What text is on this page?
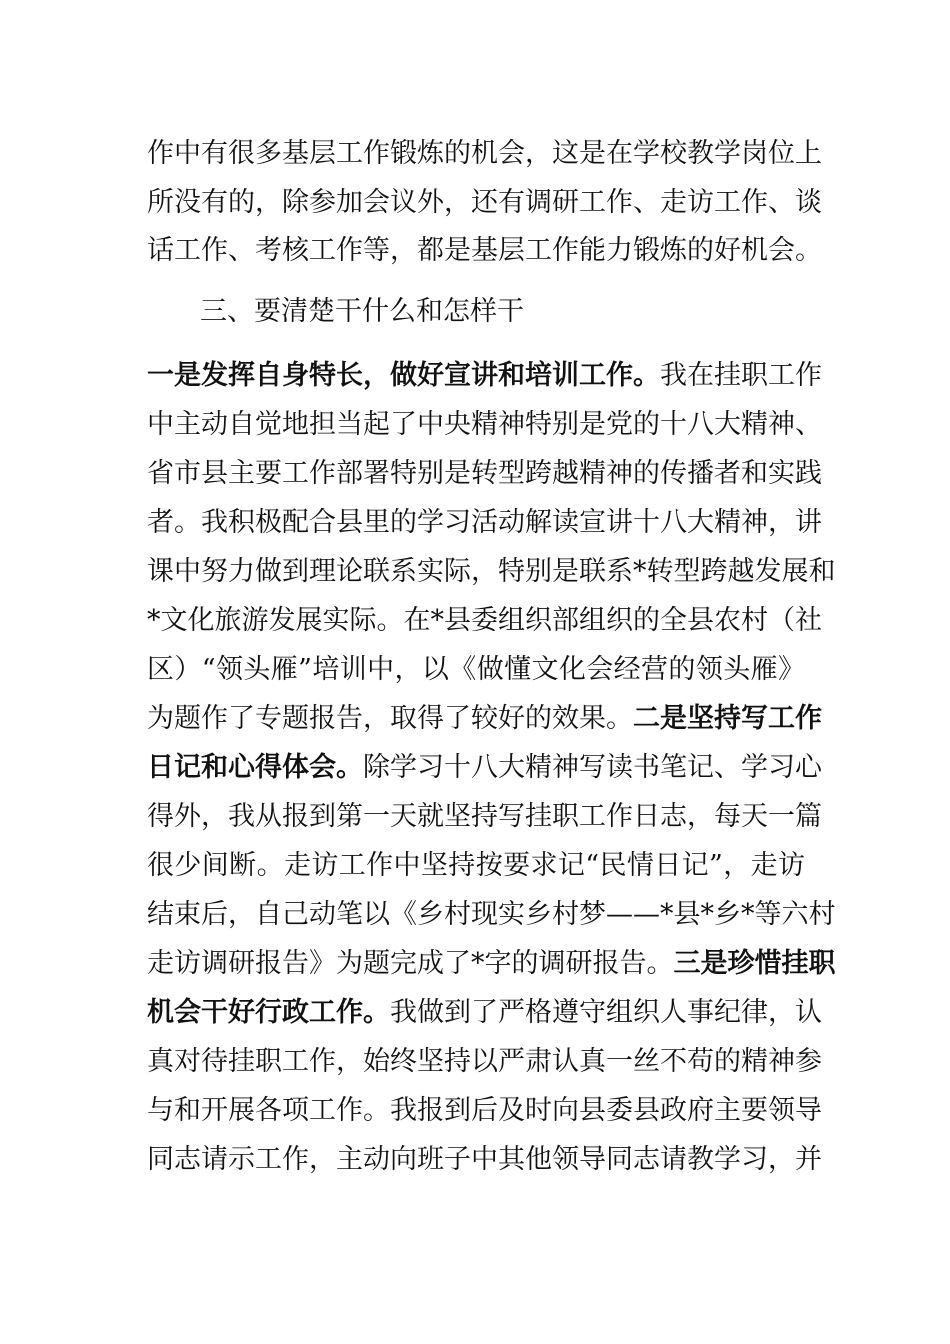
作中有很多基层工作锻炼的机会，这是在学校教学岗位上
所没有的，除参加会议外，还有调研工作、走访工作、谈
话工作、考核工作等，都是基层工作能力锻炼的好机会。
三、要清楚干什么和怎样干
一是发挥自身特长，做好宣讲和培训工作。我在挂职工作
中主动自觉地担当起了中央精神特别是党的十八大精神、
省市县主要工作部署特别是转型跨越精神的传播者和实践
者。我积极配合县里的学习活动解读宣讲十八大精神，讲
课中努力做到理论联系实际，特别是联系*转型跨越发展和
*文化旅游发展实际。在*县委组织部组织的全县农村（社
区）“领头雁”培训中，以《做懂文化会经营的领头雁》
为题作了专题报告，取得了较好的效果。二是坚持写工作
日记和心得体会。除学习十八大精神写读书笔记、学习心
得外，我从报到第一天就坚持写挂职工作日志，每天一篇
很少间断。走访工作中坚持按要求记“民情日记”，走访
结束后，自己动笔以《乡村现实乡村梦——*县*乡*等六村
走访调研报告》为题完成了*字的调研报告。三是珍惜挂职
机会干好行政工作。我做到了严格遵守组织人事纪律，认
真对待挂职工作，始终坚持以严肃认真一丝不苟的精神参
与和开展各项工作。我报到后及时向县委县政府主要领导
同志请示工作，主动向班子中其他领导同志请教学习，并
